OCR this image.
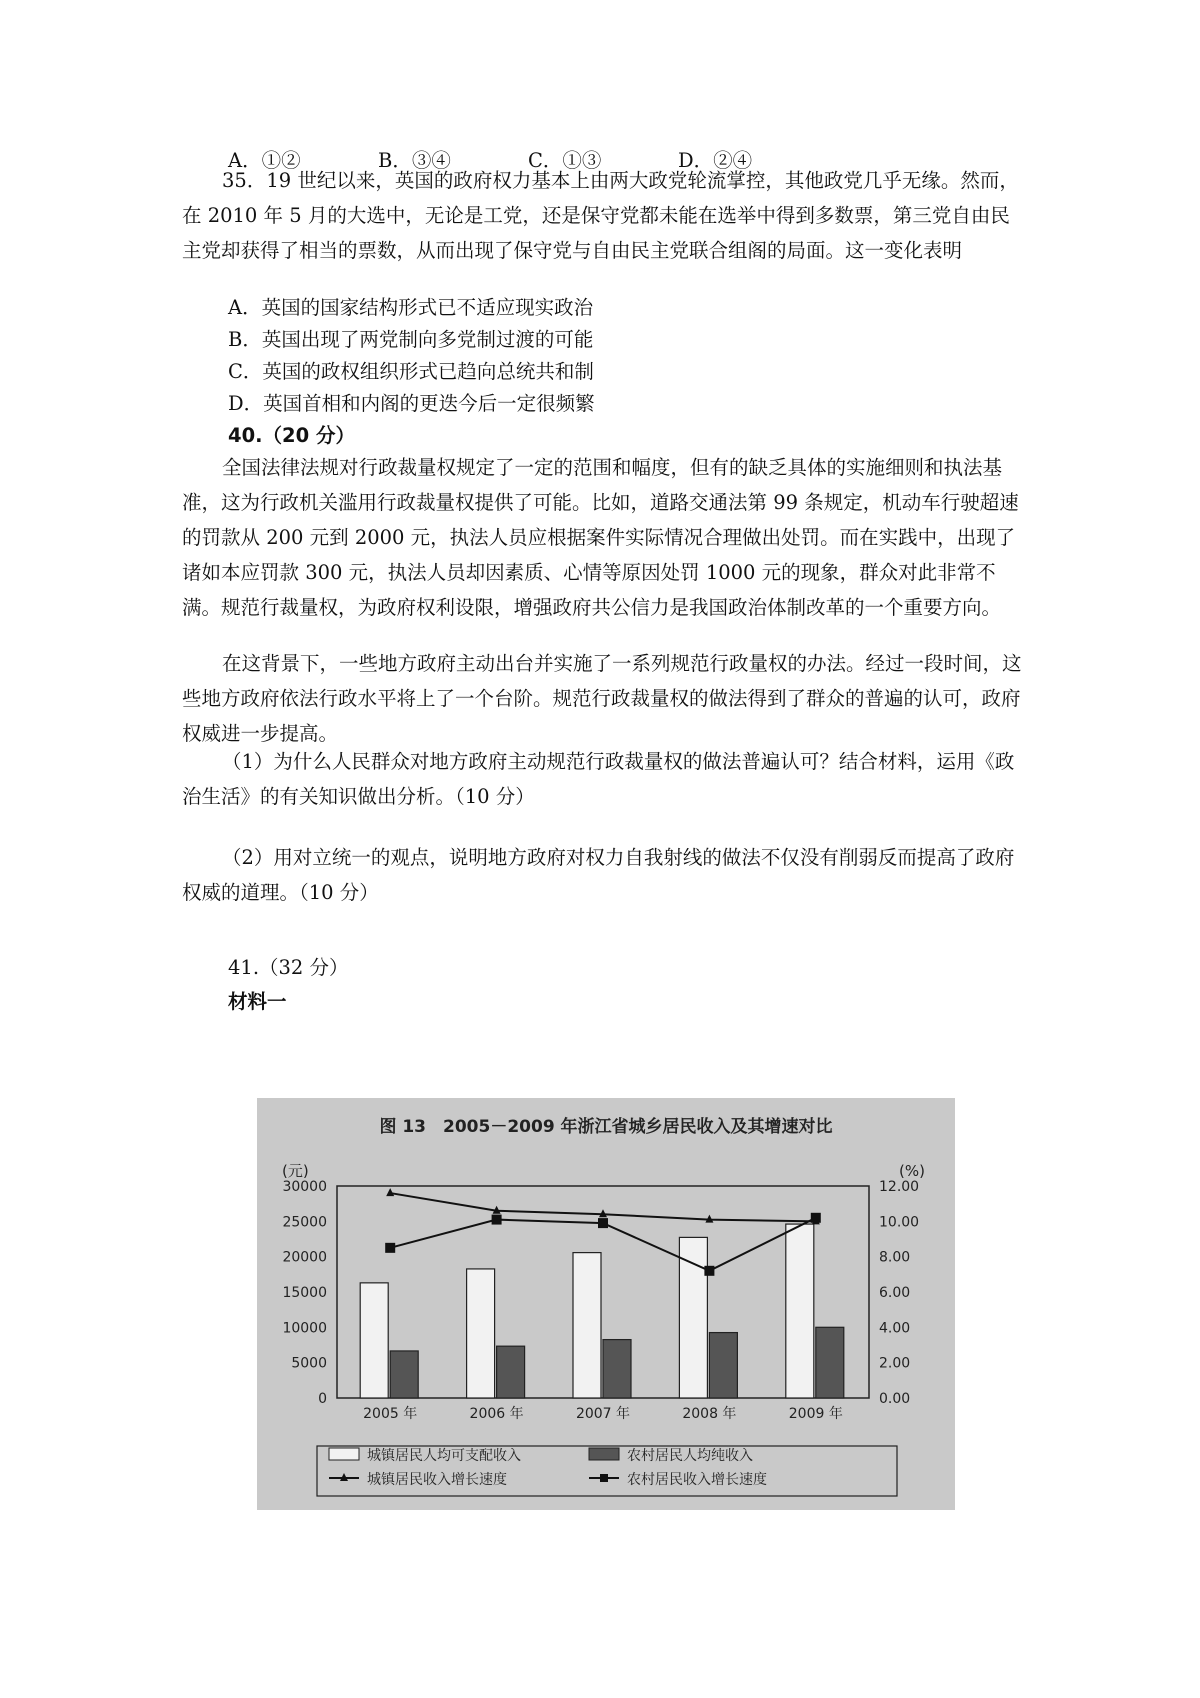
A．①②	B．③④	C．①③	D．②④

35．19 世纪以来，英国的政府权力基本上由两大政党轮流掌控，其他政党几乎无缘。然而，在 2010 年 5 月的大选中，无论是工党，还是保守党都未能在选举中得到多数票，第三党自由民主党却获得了相当的票数，从而出现了保守党与自由民主党联合组阁的局面。这一变化表明

A．英国的国家结构形式已不适应现实政治

B．英国出现了两党制向多党制过渡的可能

C．英国的政权组织形式已趋向总统共和制

D．英国首相和内阁的更迭今后一定很频繁

40.（20 分）

全国法律法规对行政裁量权规定了一定的范围和幅度，但有的缺乏具体的实施细则和执法基准，这为行政机关滥用行政裁量权提供了可能。比如，道路交通法第 99 条规定，机动车行驶超速的罚款从 200 元到 2000 元，执法人员应根据案件实际情况合理做出处罚。而在实践中，出现了诸如本应罚款 300 元，执法人员却因素质、心情等原因处罚 1000 元的现象，群众对此非常不满。规范行裁量权，为政府权利设限，增强政府共公信力是我国政治体制改革的一个重要方向。

在这背景下，一些地方政府主动出台并实施了一系列规范行政量权的办法。经过一段时间，这些地方政府依法行政水平将上了一个台阶。规范行政裁量权的做法得到了群众的普遍的认可，政府权威进一步提高。

（1）为什么人民群众对地方政府主动规范行政裁量权的做法普遍认可？结合材料，运用《政治生活》的有关知识做出分析。（10 分）

（2）用对立统一的观点，说明地方政府对权力自我射线的做法不仅没有削弱反而提高了政府权威的道理。（10 分）

41.（32 分）

材料一

图 13　2005－2009 年浙江省城乡居民收入及其增速对比
(元)	(%)
30000
25000
20000
15000
10000
5000
0
12.00
10.00
8.00
6.00
4.00
2.00
0.00
2005 年	2006 年	2007 年	2008 年	2009 年
城镇居民人均可支配收入	农村居民人均纯收入
城镇居民收入增长速度	农村居民收入增长速度
